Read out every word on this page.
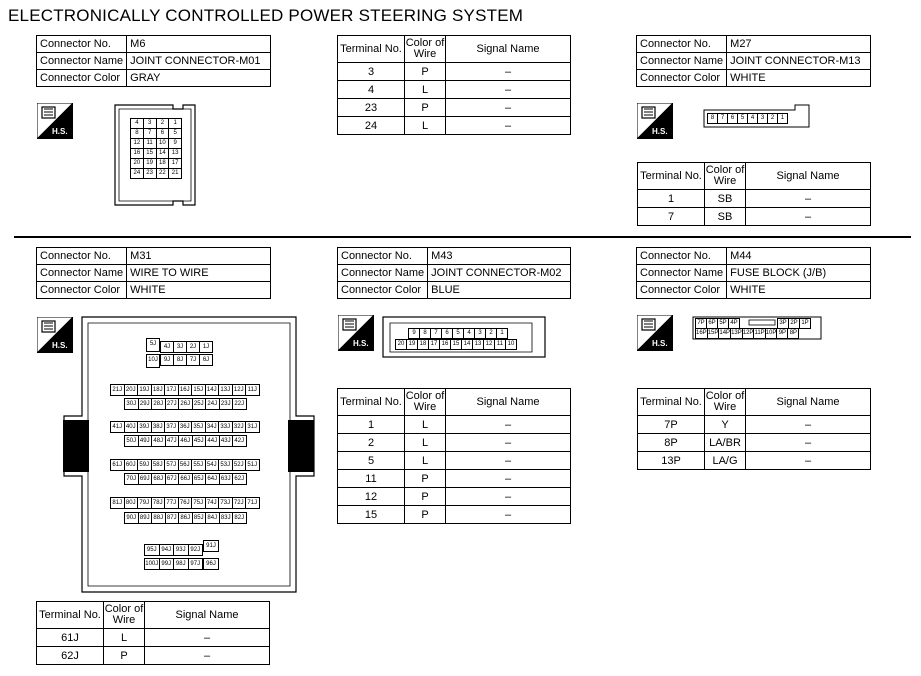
ELECTRONICALLY CONTROLLED POWER STEERING SYSTEM
Connector No.	M6
Connector Name	JOINT CONNECTOR-M01
Connector Color	GRAY
H.S.
4	3	2	1
8	7	6	5
12	11	10	9
16	15	14	13
20	19	18	17
24	23	22	21
Terminal No.	Color of Wire	Signal Name
3	P	–
4	L	–
23	P	–
24	L	–
Connector No.	M27
Connector Name	JOINT CONNECTOR-M13
Connector Color	WHITE
H.S.
8	7	6	5	4	3	2	1
Terminal No.	Color of Wire	Signal Name
1	SB	–
7	SB	–
Connector No.	M31
Connector Name	WIRE TO WIRE
Connector Color	WHITE
H.S.	5J	4J	3J	2J	1J
10J 9J	8J	7J	6J
21J 20J 19J 18J 17J 16J 15J 14J 13J 12J 11J
30J 29J 28J 27J 26J 25J 24J 23J 22J
41J 40J 39J 38J 37J 36J 35J 34J 33J 32J 31J
50J 49J 48J 47J 46J 45J 44J 43J 42J
61J 60J 59J 58J 57J 56J 55J 54J 53J 52J 51J
70J 69J 68J 67J 66J 65J 64J 63J 62J
81J 80J 79J 78J 77J 76J 75J 74J 73J 72J 71J
90J 89J 88J 87J 86J 85J 84J 83J 82J
95J 94J 93J 92J
100J 99J 98J 97J
91J
96J
Terminal No.	Color of Wire	Signal Name
61J	L	–
62J	P	–
Connector No.	M43
Connector Name	JOINT CONNECTOR-M02
Connector Color	BLUE
H.S.
9	8	7	6	5	4	3	2	1
20	19	18	17	16	15	14	13	12	11	10
Terminal No.	Color of Wire	Signal Name
1	L	–
2	L	–
5	L	–
11	P	–
12	P	–
15	P	–
Connector No.	M44
Connector Name	FUSE BLOCK (J/B)
Connector Color	WHITE
H.S.
7P	6P	5P	4P	3P	2P	1P
16P	15P	14P	13P	12P	11P	10P	9P	8P
Terminal No.	Color of Wire	Signal Name
7P	Y	–
8P	LA/BR	–
13P	LA/G	–
